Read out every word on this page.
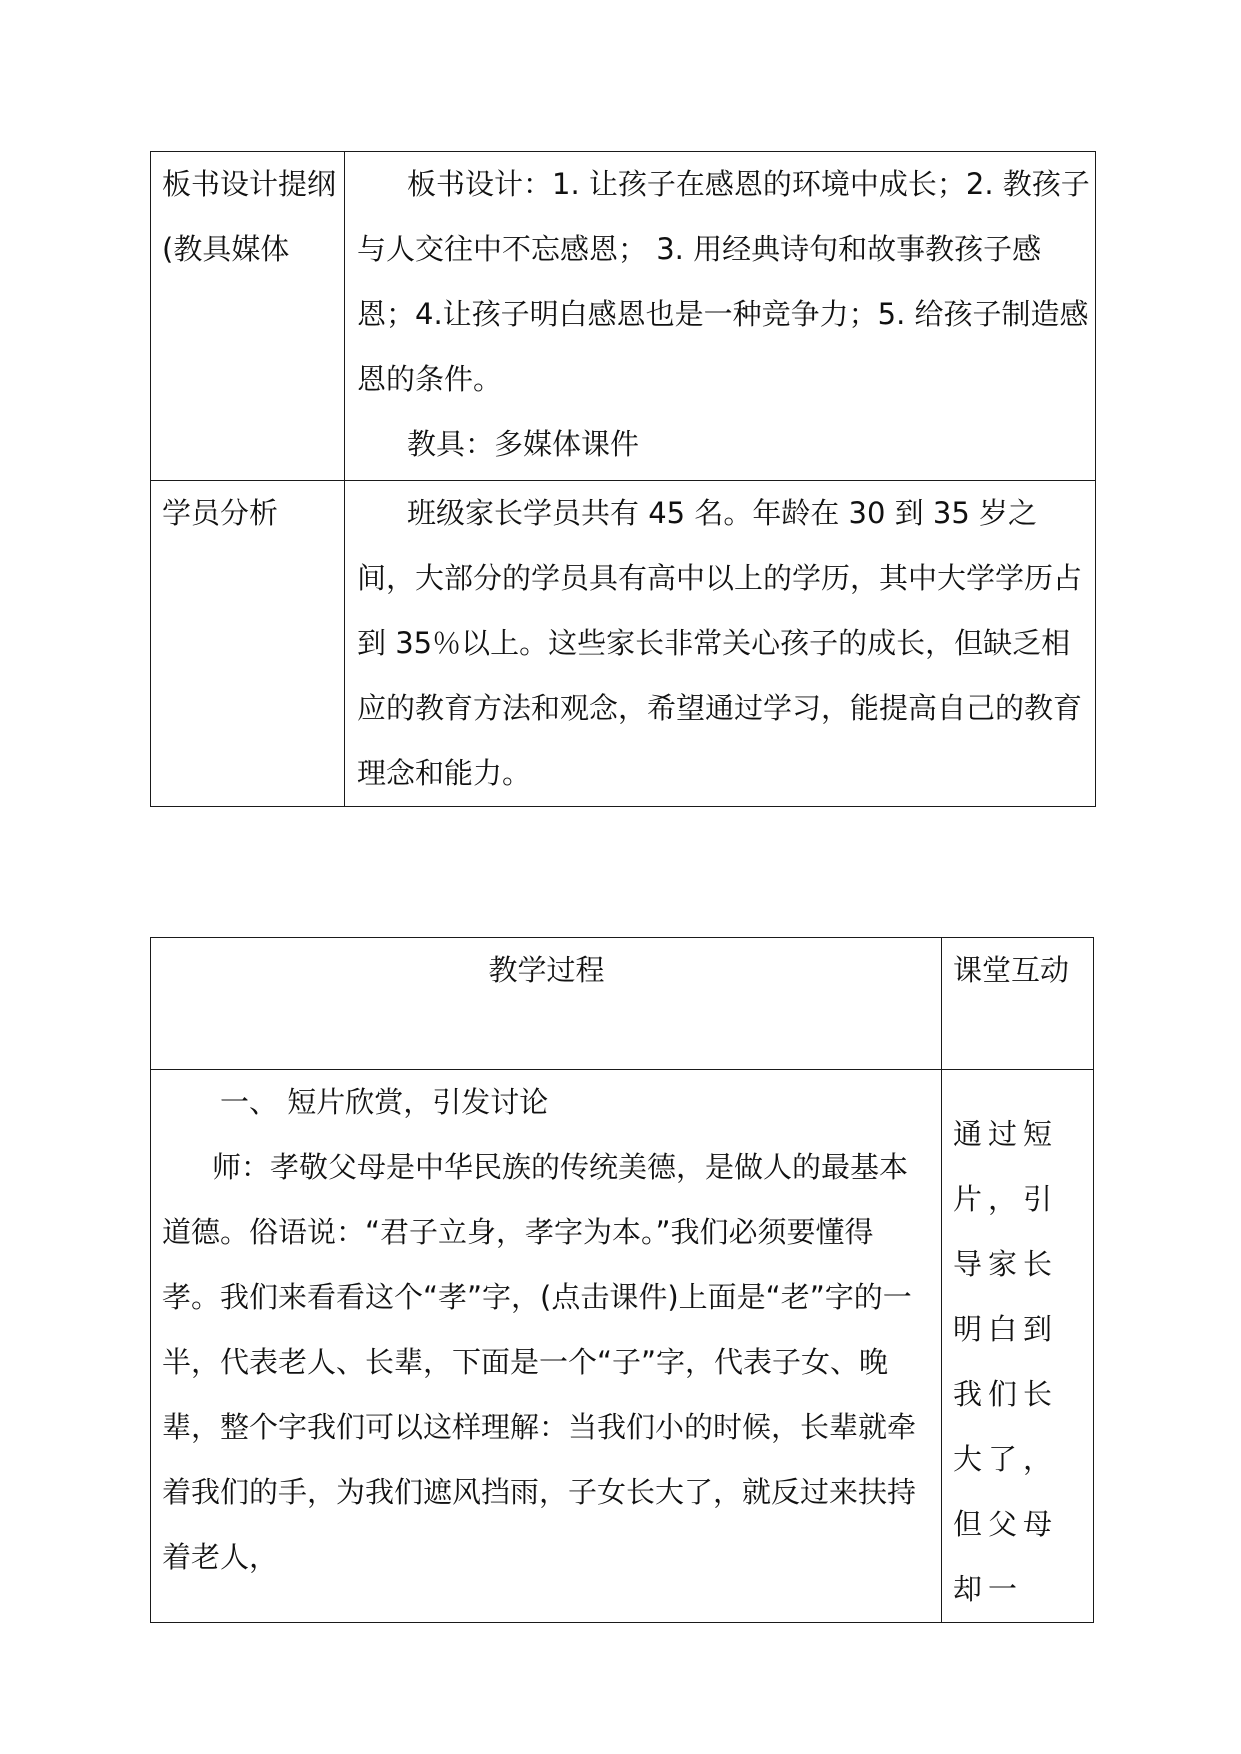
板书设计提纲(教具媒体	板书设计：1. 让孩子在感恩的环境中成长；2. 教孩子与人交往中不忘感恩； 3. 用经典诗句和故事教孩子感恩；4.让孩子明白感恩也是一种竞争力；5. 给孩子制造感恩的条件。

教具：多媒体课件

学员分析	班级家长学员共有 45 名。年龄在 30 到 35 岁之间，大部分的学员具有高中以上的学历，其中大学学历占到 35％以上。这些家长非常关心孩子的成长，但缺乏相应的教育方法和观念，希望通过学习，能提高自己的教育理念和能力。

教学过程	课堂互动

一、 短片欣赏，引发讨论

师：孝敬父母是中华民族的传统美德，是做人的最基本道德。俗语说：“君子立身，孝字为本。”我们必须要懂得孝。我们来看看这个“孝”字，(点击课件)上面是“老”字的一半，代表老人、长辈，下面是一个“子”字，代表子女、晚辈，整个字我们可以这样理解：当我们小的时候，长辈就牵着我们的手，为我们遮风挡雨，子女长大了，就反过来扶持着老人，	通过短片，引导家长明白到我们长大了，但父母却一
